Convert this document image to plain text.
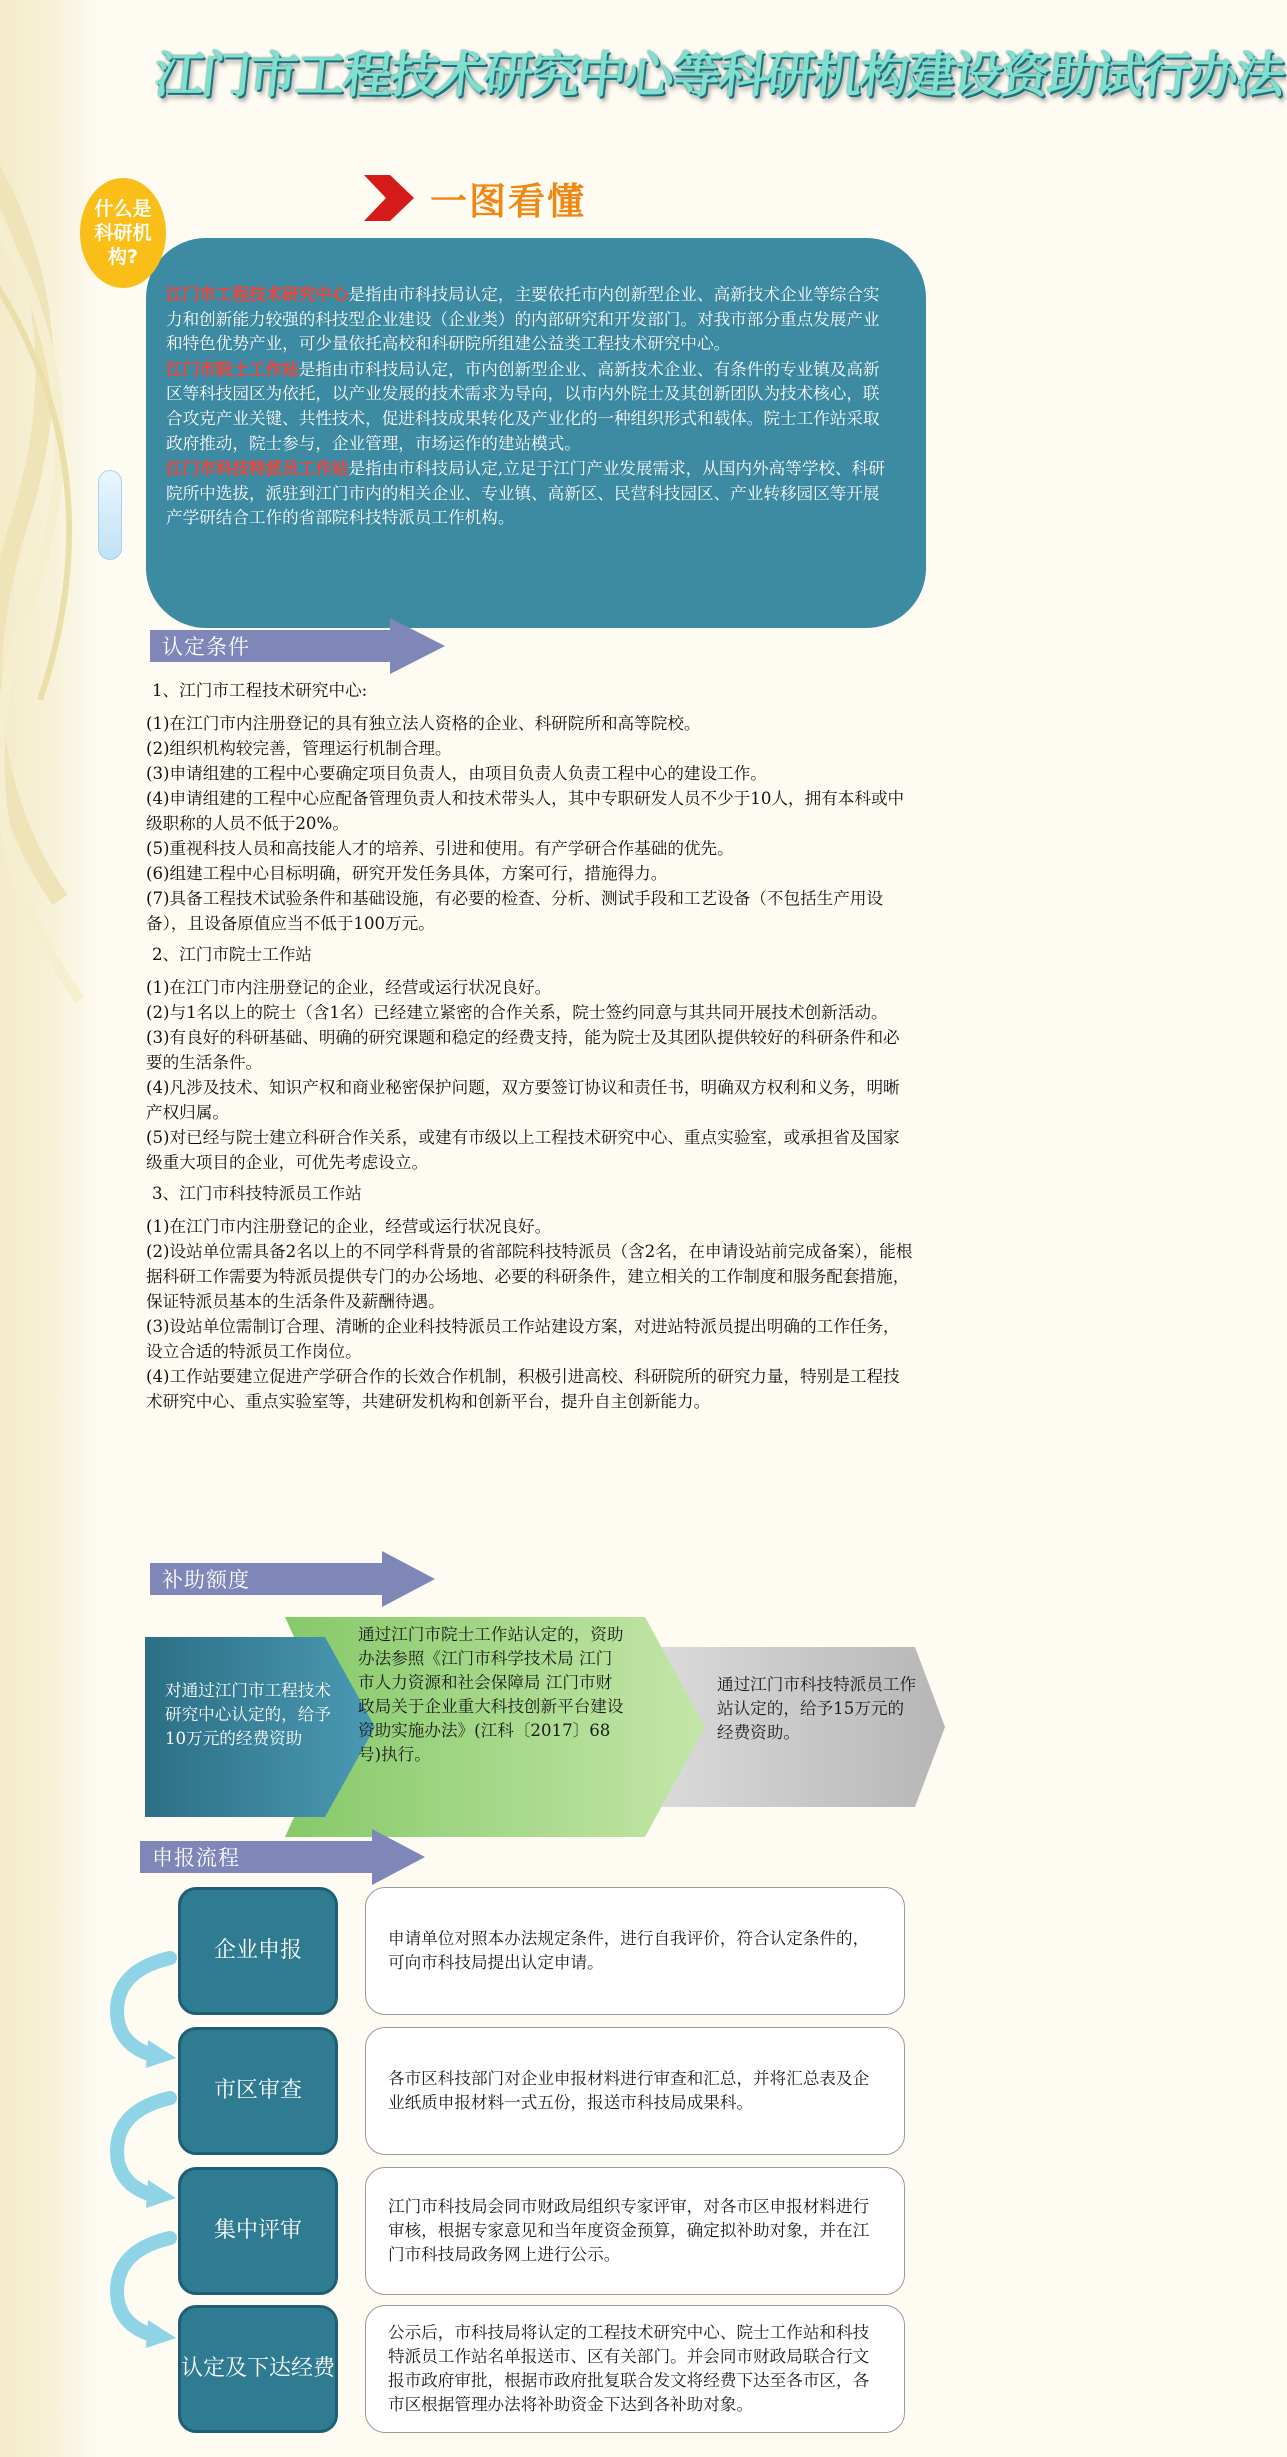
江门市工程技术研究中心等科研机构建设资助试行办法
一图看懂
什么是科研机构?

江门市工程技术研究中心是指由市科技局认定，主要依托市内创新型企业、高新技术企业等综合实力和创新能力较强的科技型企业建设（企业类）的内部研究和开发部门。对我市部分重点发展产业和特色优势产业，可少量依托高校和科研院所组建公益类工程技术研究中心。

江门市院士工作站是指由市科技局认定，市内创新型企业、高新技术企业、有条件的专业镇及高新区等科技园区为依托，以产业发展的技术需求为导向，以市内外院士及其创新团队为技术核心，联合攻克产业关键、共性技术，促进科技成果转化及产业化的一种组织形式和载体。院士工作站采取政府推动，院士参与，企业管理，市场运作的建站模式。

江门市科技特派员工作站是指由市科技局认定,立足于江门产业发展需求，从国内外高等学校、科研院所中选拔，派驻到江门市内的相关企业、专业镇、高新区、民营科技园区、产业转移园区等开展产学研结合工作的省部院科技特派员工作机构。

认定条件

1、江门市工程技术研究中心:

(1)在江门市内注册登记的具有独立法人资格的企业、科研院所和高等院校。

(2)组织机构较完善，管理运行机制合理。

(3)申请组建的工程中心要确定项目负责人，由项目负责人负责工程中心的建设工作。

(4)申请组建的工程中心应配备管理负责人和技术带头人，其中专职研发人员不少于10人，拥有本科或中级职称的人员不低于20%。

(5)重视科技人员和高技能人才的培养、引进和使用。有产学研合作基础的优先。

(6)组建工程中心目标明确，研究开发任务具体，方案可行，措施得力。

(7)具备工程技术试验条件和基础设施，有必要的检查、分析、测试手段和工艺设备（不包括生产用设备），且设备原值应当不低于100万元。

2、江门市院士工作站

(1)在江门市内注册登记的企业，经营或运行状况良好。

(2)与1名以上的院士（含1名）已经建立紧密的合作关系，院士签约同意与其共同开展技术创新活动。

(3)有良好的科研基础、明确的研究课题和稳定的经费支持，能为院士及其团队提供较好的科研条件和必要的生活条件。

(4)凡涉及技术、知识产权和商业秘密保护问题，双方要签订协议和责任书，明确双方权利和义务，明晰产权归属。

(5)对已经与院士建立科研合作关系，或建有市级以上工程技术研究中心、重点实验室，或承担省及国家级重大项目的企业，可优先考虑设立。

3、江门市科技特派员工作站

(1)在江门市内注册登记的企业，经营或运行状况良好。

(2)设站单位需具备2名以上的不同学科背景的省部院科技特派员（含2名，在申请设站前完成备案），能根据科研工作需要为特派员提供专门的办公场地、必要的科研条件，建立相关的工作制度和服务配套措施，保证特派员基本的生活条件及薪酬待遇。

(3)设站单位需制订合理、清晰的企业科技特派员工作站建设方案，对进站特派员提出明确的工作任务，设立合适的特派员工作岗位。

(4)工作站要建立促进产学研合作的长效合作机制，积极引进高校、科研院所的研究力量，特别是工程技术研究中心、重点实验室等，共建研发机构和创新平台，提升自主创新能力。

补助额度
对通过江门市工程技术研究中心认定的，给予10万元的经费资助
通过江门市院士工作站认定的，资助办法参照《江门市科学技术局 江门市人力资源和社会保障局 江门市财政局关于企业重大科技创新平台建设资助实施办法》(江科〔2017〕68号)执行。
通过江门市科技特派员工作站认定的，给予15万元的经费资助。
申报流程
企业申报	申请单位对照本办法规定条件，进行自我评价，符合认定条件的，可向市科技局提出认定申请。
市区审查	各市区科技部门对企业申报材料进行审查和汇总，并将汇总表及企业纸质申报材料一式五份，报送市科技局成果科。
集中评审
江门市科技局会同市财政局组织专家评审，对各市区申报材料进行审核，根据专家意见和当年度资金预算，确定拟补助对象，并在江门市科技局政务网上进行公示。
认定及下达经费
公示后，市科技局将认定的工程技术研究中心、院士工作站和科技特派员工作站名单报送市、区有关部门。并会同市财政局联合行文报市政府审批，根据市政府批复联合发文将经费下达至各市区，各市区根据管理办法将补助资金下达到各补助对象。
